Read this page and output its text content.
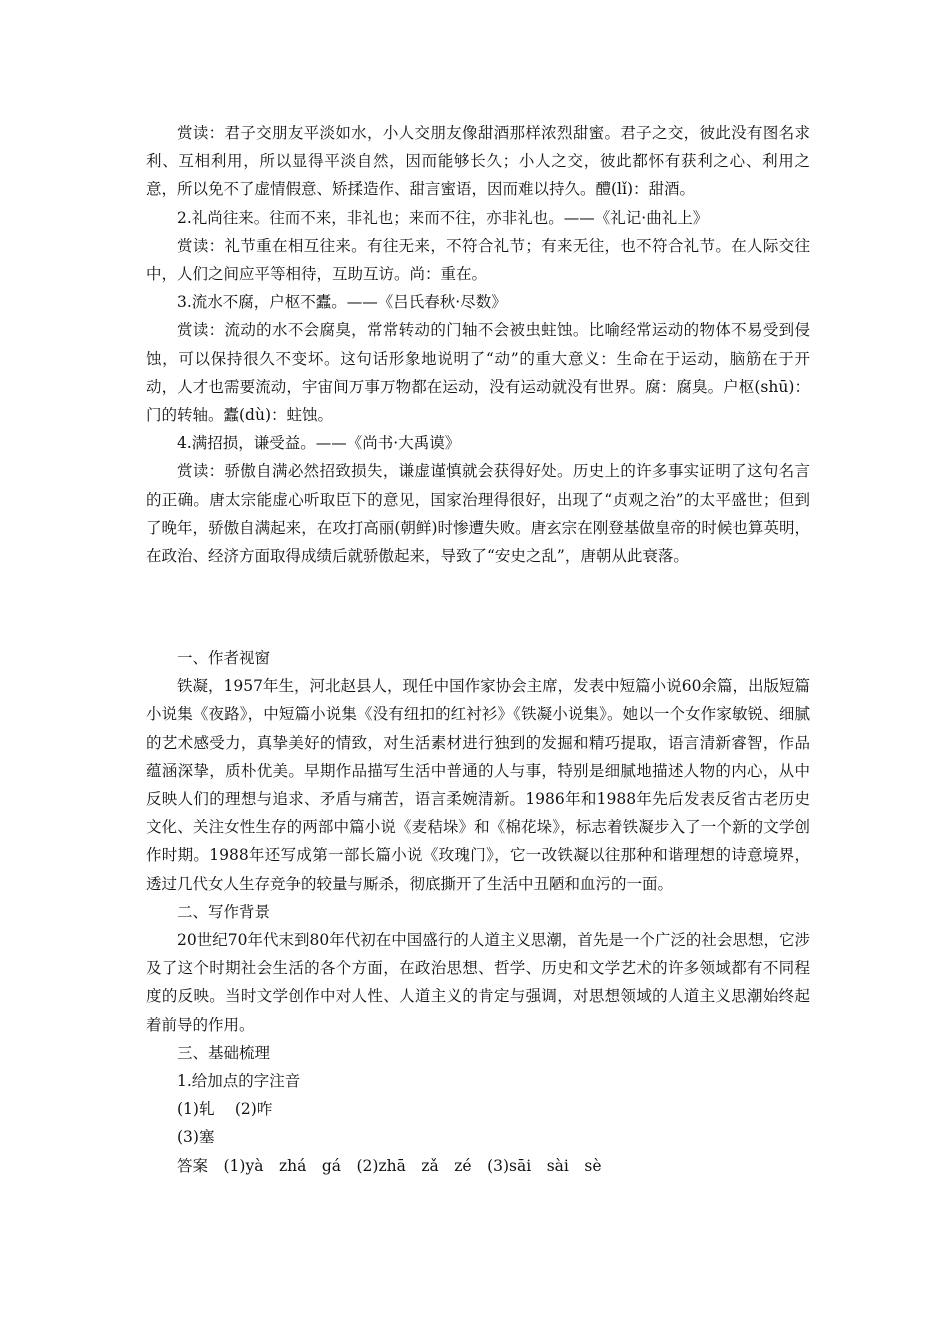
赏读：君子交朋友平淡如水，小人交朋友像甜酒那样浓烈甜蜜。君子之交，彼此没有图名求利、互相利用，所以显得平淡自然，因而能够长久；小人之交，彼此都怀有获利之心、利用之意，所以免不了虚情假意、矫揉造作、甜言蜜语，因而难以持久。醴(lǐ)：甜酒。

2.礼尚往来。往而不来，非礼也；来而不往，亦非礼也。——《礼记·曲礼上》

赏读：礼节重在相互往来。有往无来，不符合礼节；有来无往，也不符合礼节。在人际交往中，人们之间应平等相待，互助互访。尚：重在。

3.流水不腐，户枢不蠹。——《吕氏春秋·尽数》

赏读：流动的水不会腐臭，常常转动的门轴不会被虫蛀蚀。比喻经常运动的物体不易受到侵蚀，可以保持很久不变坏。这句话形象地说明了“动”的重大意义：生命在于运动，脑筋在于开动，人才也需要流动，宇宙间万事万物都在运动，没有运动就没有世界。腐：腐臭。户枢(shū)：门的转轴。蠹(dù)：蛀蚀。

4.满招损，谦受益。——《尚书·大禹谟》

赏读：骄傲自满必然招致损失，谦虚谨慎就会获得好处。历史上的许多事实证明了这句名言的正确。唐太宗能虚心听取臣下的意见，国家治理得很好，出现了“贞观之治”的太平盛世；但到了晚年，骄傲自满起来，在攻打高丽(朝鲜)时惨遭失败。唐玄宗在刚登基做皇帝的时候也算英明，在政治、经济方面取得成绩后就骄傲起来，导致了“安史之乱”，唐朝从此衰落。

一、作者视窗

铁凝，1957年生，河北赵县人，现任中国作家协会主席，发表中短篇小说60余篇，出版短篇小说集《夜路》，中短篇小说集《没有纽扣的红衬衫》《铁凝小说集》。她以一个女作家敏锐、细腻的艺术感受力，真挚美好的情致，对生活素材进行独到的发掘和精巧提取，语言清新睿智，作品蕴涵深挚，质朴优美。早期作品描写生活中普通的人与事，特别是细腻地描述人物的内心，从中反映人们的理想与追求、矛盾与痛苦，语言柔婉清新。1986年和1988年先后发表反省古老历史文化、关注女性生存的两部中篇小说《麦秸垛》和《棉花垛》，标志着铁凝步入了一个新的文学创作时期。1988年还写成第一部长篇小说《玫瑰门》，它一改铁凝以往那种和谐理想的诗意境界，透过几代女人生存竞争的较量与厮杀，彻底撕开了生活中丑陋和血污的一面。

二、写作背景

20世纪70年代末到80年代初在中国盛行的人道主义思潮，首先是一个广泛的社会思想，它涉及了这个时期社会生活的各个方面，在政治思想、哲学、历史和文学艺术的许多领域都有不同程度的反映。当时文学创作中对人性、人道主义的肯定与强调，对思想领域的人道主义思潮始终起着前导的作用。

三、基础梳理

1.给加点的字注音

(1)轧　 (2)咋

(3)塞

答案　(1)yà　zhá　gá　(2)zhā　zǎ　zé　(3)sāi　sài　sè
